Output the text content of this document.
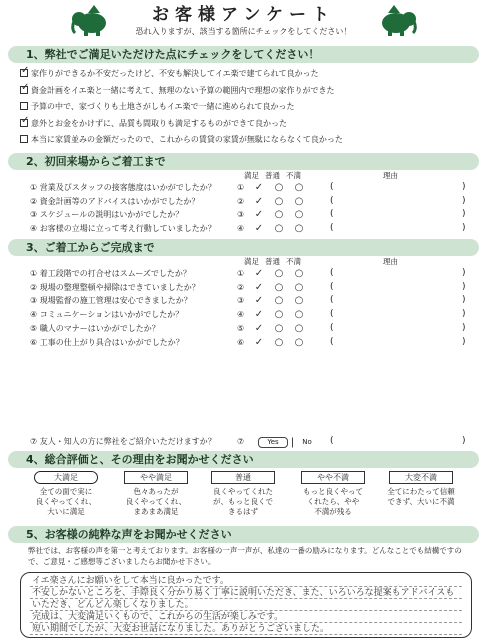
お客様アンケート
恐れ入りますが、該当する箇所にチェックをしてください！
1、弊社でご満足いただけた点にチェックをしてください！
✓ 家作りができるか不安だったけど、不安も解決してイエ楽で建てられて良かった
✓ 資金計画をイエ楽と一緒に考えて、無理のない予算の範囲内で理想の家作りができた
予算の中で、家づくりも土地さがしもイエ楽で一緒に進められて良かった
✓ 意外とお金をかけずに、品質も間取りも満足するものができて良かった
本当に家賃並みの金額だったので、これからの賃貸の家賃が無駄にならなくて良かった
2、初回来場からご着工まで
満足 普通 不満	理由
① 営業及びスタッフの接客態度はいかがでしたか？	① ✓ ○ ○	(	)
② 資金計画等のアドバイスはいかがでしたか？	② ✓ ○ ○	(	)
③ スケジュールの説明はいかがでしたか？	③ ✓ ○ ○	(	)
④ お客様の立場に立って考え行動していましたか？	④ ✓ ○ ○	(	)
3、ご着工からご完成まで
満足 普通 不満	理由
① 着工段階での打合せはスムーズでしたか？	① ✓ ○ ○	(	)
② 現場の整理整頓や掃除はできていましたか？	② ✓ ○ ○	(	)
③ 現場監督の施工管理は安心できましたか？	③ ✓ ○ ○	(	)
④ コミュニケーションはいかがでしたか？	④ ✓ ○ ○	(	)
⑤ 職人のマナーはいかがでしたか？	⑤ ✓ ○ ○	(	)
⑥ 工事の仕上がり具合はいかがでしたか？	⑥ ✓ ○ ○	(	)
⑦ 友人・知人の方に弊社をご紹介いただけますか？	⑦	Yes	No	(	)
4、総合評価と、その理由をお聞かせください
大満足
全ての面で実に
良くやってくれ、
大いに満足
やや満足
色々あったが
良くやってくれ、
まあまあ満足
普通
良くやってくれた
が、もっと良くで
きるはず
やや不満
もっと良くやって
くれたら、やや
不満が残る
大変不満
全てにわたって信頼
できず、大いに不満
5、お客様の純粋な声をお聞かせください
弊社では、お客様の声を第一と考えております。お客様の一声一声が、私達の一番の励みになります。どんなことでも結構ですので、ご意見・ご感想等ございましたらお聞かせ下さい。
イエ楽さんにお願いをして本当に良かったです。
不安しかないところを、手際良く分かり易く丁寧に説明いただき、また、いろいろな提案もアドバイスも
いただき、どんどん楽しくなりました。
完成は、大変満足いくもので、これからの生活が楽しみです。
短い期間でしたが、大変お世話になりました。ありがとうございました。
